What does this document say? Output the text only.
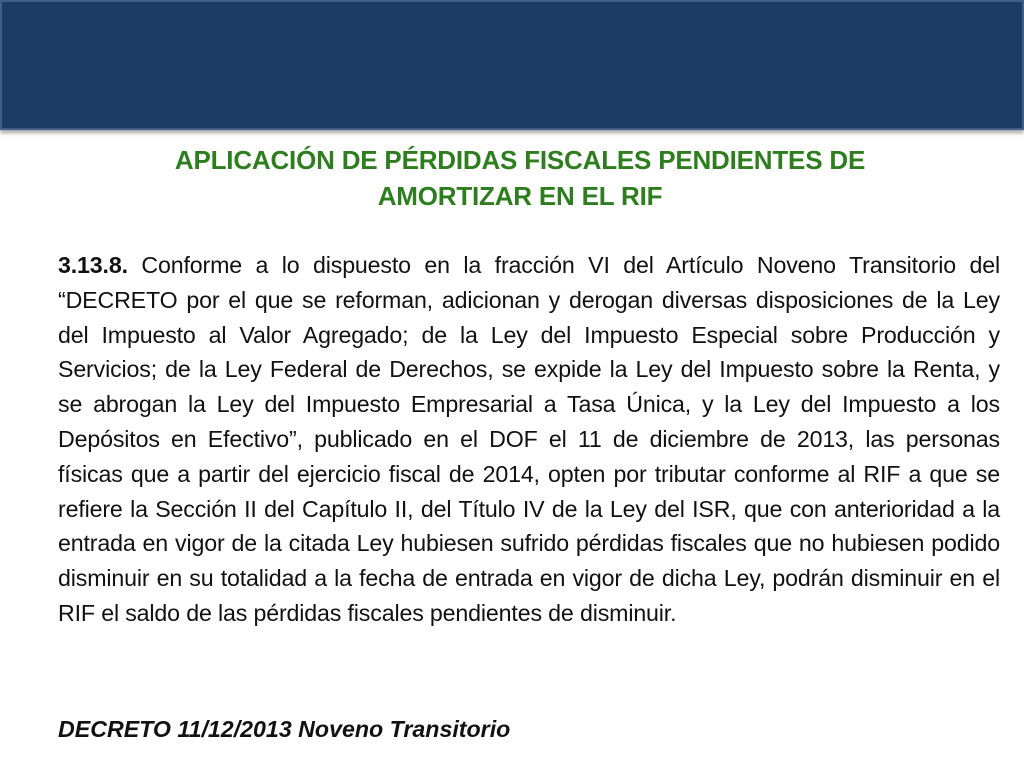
APLICACIÓN DE PÉRDIDAS FISCALES PENDIENTES DE
AMORTIZAR EN EL RIF
3.13.8. Conforme a lo dispuesto en la fracción VI del Artículo Noveno Transitorio del “DECRETO por el que se reforman, adicionan y derogan diversas disposiciones de la Ley del Impuesto al Valor Agregado; de la Ley del Impuesto Especial sobre Producción y Servicios; de la Ley Federal de Derechos, se expide la Ley del Impuesto sobre la Renta, y se abrogan la Ley del Impuesto Empresarial a Tasa Única, y la Ley del Impuesto a los Depósitos en Efectivo”, publicado en el DOF el 11 de diciembre de 2013, las personas físicas que a partir del ejercicio fiscal de 2014, opten por tributar conforme al RIF a que se refiere la Sección II del Capítulo II, del Título IV de la Ley del ISR, que con anterioridad a la entrada en vigor de la citada Ley hubiesen sufrido pérdidas fiscales que no hubiesen podido disminuir en su totalidad a la fecha de entrada en vigor de dicha Ley, podrán disminuir en el RIF el saldo de las pérdidas fiscales pendientes de disminuir.
DECRETO 11/12/2013 Noveno Transitorio
